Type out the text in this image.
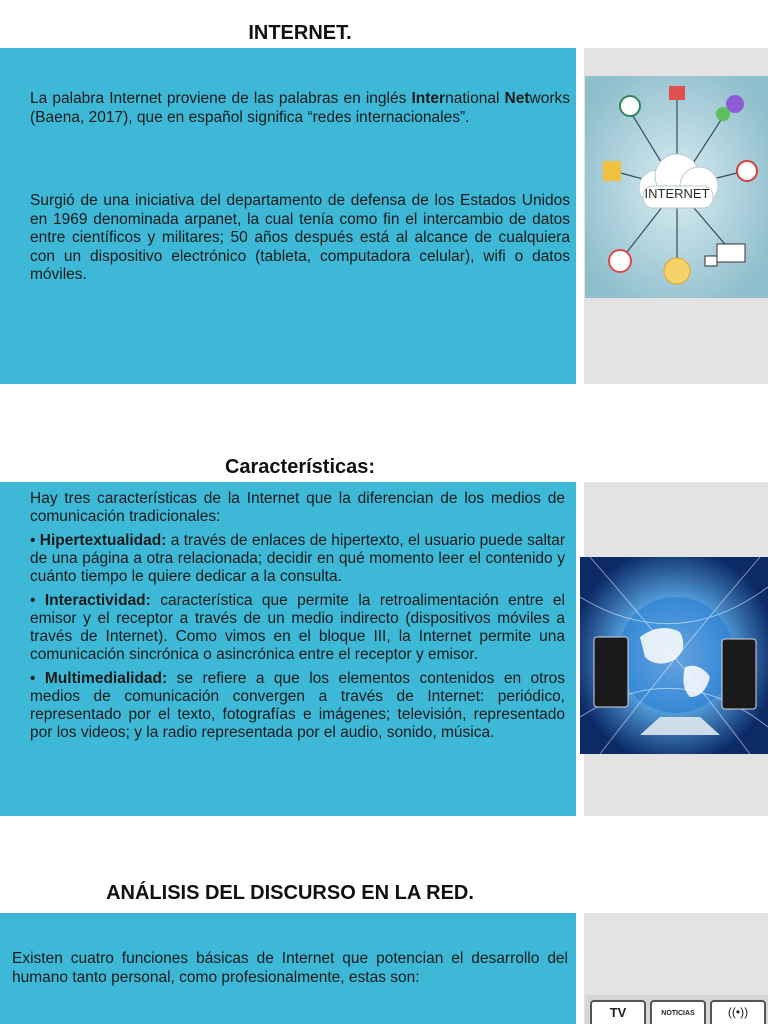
INTERNET.
La palabra Internet proviene de las palabras en inglés International Networks (Baena, 2017), que en español significa “redes internacionales”.

Surgió de una iniciativa del departamento de defensa de los Estados Unidos en 1969 denominada arpanet, la cual tenía como fin el intercambio de datos entre científicos y militares; 50 años después está al alcance de cualquiera con un dispositivo electrónico (tableta, computadora celular), wifi o datos móviles.

INTERNET
Características:

Hay tres características de la Internet que la diferencian de los medios de comunicación tradicionales:

• Hipertextualidad: a través de enlaces de hipertexto, el usuario puede saltar de una página a otra relacionada; decidir en qué momento leer el contenido y cuánto tiempo le quiere dedicar a la consulta.

• Interactividad: característica que permite la retroalimentación entre el emisor y el receptor a través de un medio indirecto (dispositivos móviles a través de Internet). Como vimos en el bloque III, la Internet permite una comunicación sincrónica o asincrónica entre el receptor y emisor.

• Multimedialidad: se refiere a que los elementos contenidos en otros medios de comunicación convergen a través de Internet: periódico, representado por el texto, fotografías e imágenes; televisión, representado por los videos; y la radio representada por el audio, sonido, música.

ANÁLISIS DEL DISCURSO EN LA RED.

Existen cuatro funciones básicas de Internet que potencian el desarrollo del humano tanto personal, como profesionalmente, estas son:

TV	NOTICIAS	((•))
